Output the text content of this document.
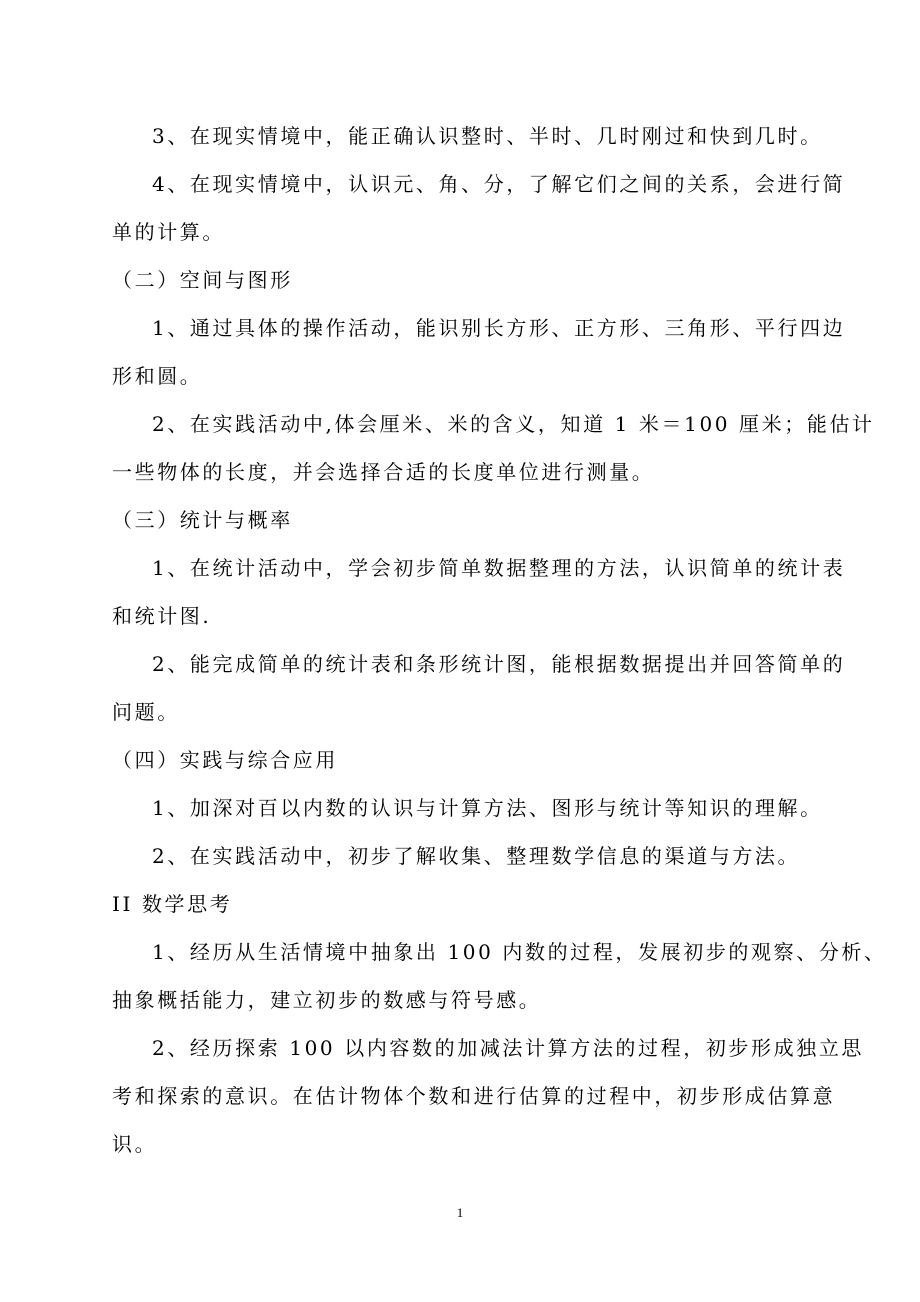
3、在现实情境中，能正确认识整时、半时、几时刚过和快到几时。

4、在现实情境中，认识元、角、分，了解它们之间的关系，会进行简

单的计算。

（二）空间与图形

1、通过具体的操作活动，能识别长方形、正方形、三角形、平行四边

形和圆。

2、在实践活动中,体会厘米、米的含义，知道 1 米＝100 厘米；能估计

一些物体的长度，并会选择合适的长度单位进行测量。

（三）统计与概率

1、在统计活动中，学会初步简单数据整理的方法，认识简单的统计表

和统计图.

2、能完成简单的统计表和条形统计图，能根据数据提出并回答简单的

问题。

（四）实践与综合应用

1、加深对百以内数的认识与计算方法、图形与统计等知识的理解。

2、在实践活动中，初步了解收集、整理数学信息的渠道与方法。

II 数学思考

1、经历从生活情境中抽象出 100 内数的过程，发展初步的观察、分析、

抽象概括能力，建立初步的数感与符号感。

2、经历探索 100 以内容数的加减法计算方法的过程，初步形成独立思

考和探索的意识。在估计物体个数和进行估算的过程中，初步形成估算意

识。

1
